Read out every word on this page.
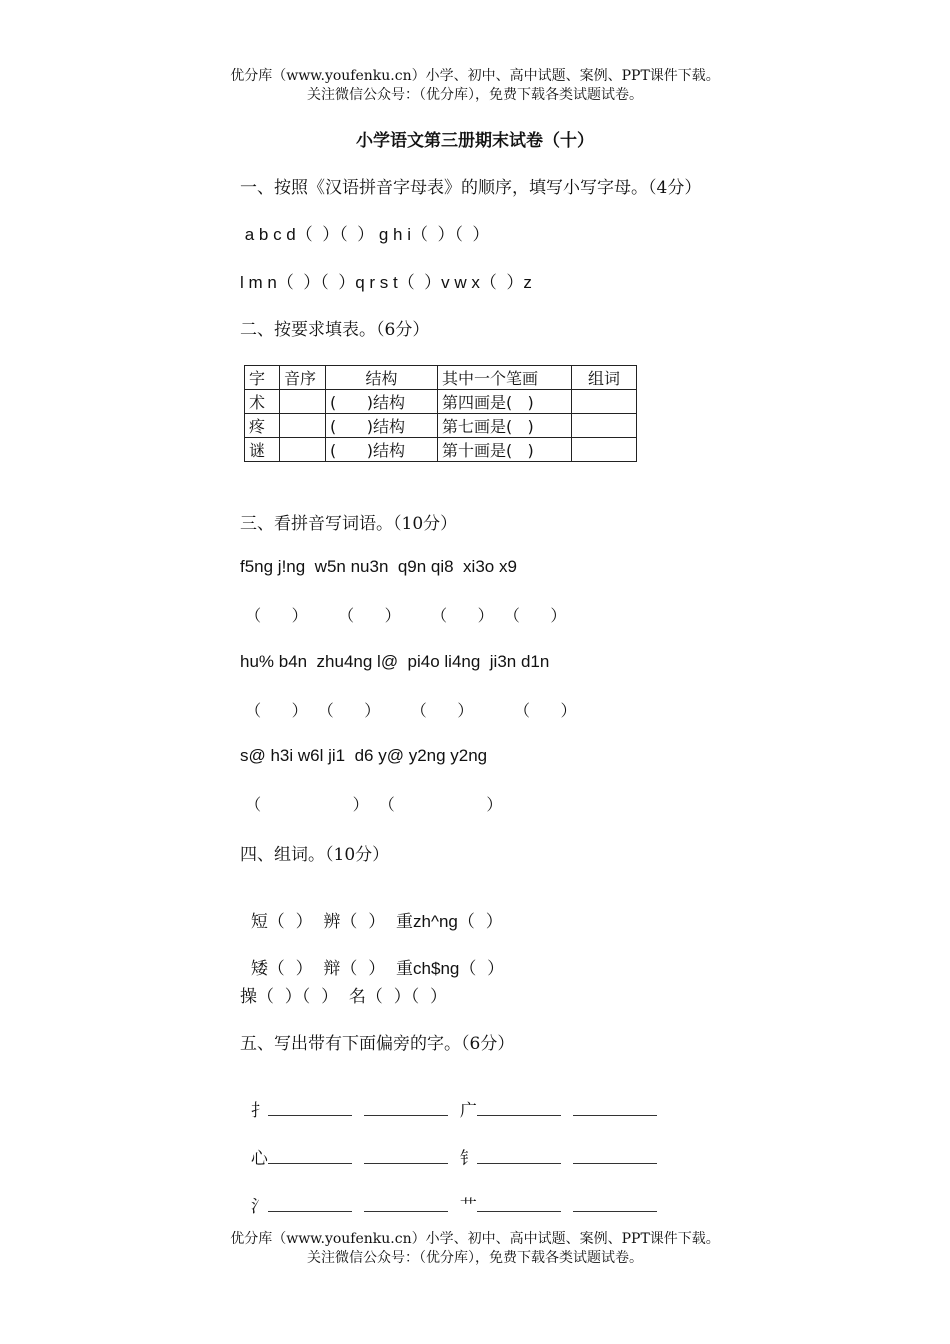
优分库（www.youfenku.cn）小学、初中、高中试题、案例、PPT课件下载。
关注微信公众号：（优分库），免费下载各类试题试卷。
小学语文第三册期末试卷（十）
一、按照《汉语拼音字母表》的顺序，填写小写字母。（4分）
a b c d（  ）（  ） g h i（  ）（  ）
l m n（  ）（  ）q r s t（  ）v w x（  ）z
二、按要求填表。（6分）
字	音序	结构	其中一个笔画	组词
术		(      )结构	第四画是(   )	
疼		(      )结构	第七画是(   )	
谜		(      )结构	第十画是(   )	
三、看拼音写词语。（10分）
f5ng j!ng  w5n nu3n  q9n qi8  xi3o x9
（      ）      （      ）      （      ）  （      ）
hu% b4n  zhu4ng l@  pi4o li4ng  ji3n d1n
（      ）  （      ）      （      ）        （      ）
s@ h3i w6l ji1  d6 y@ y2ng y2ng
（                  ）  （                  ）
四、组词。（10分）

短（  ）  辨（  ）  重zh^ng（  ）

矮（  ）  辩（  ）  重ch$ng（  ）

操（  ）（  ）  名（  ）（  ）
五、写出带有下面偏旁的字。（6分）

扌	广

心	钅

氵	艹

优分库（www.youfenku.cn）小学、初中、高中试题、案例、PPT课件下载。
关注微信公众号：（优分库），免费下载各类试题试卷。
